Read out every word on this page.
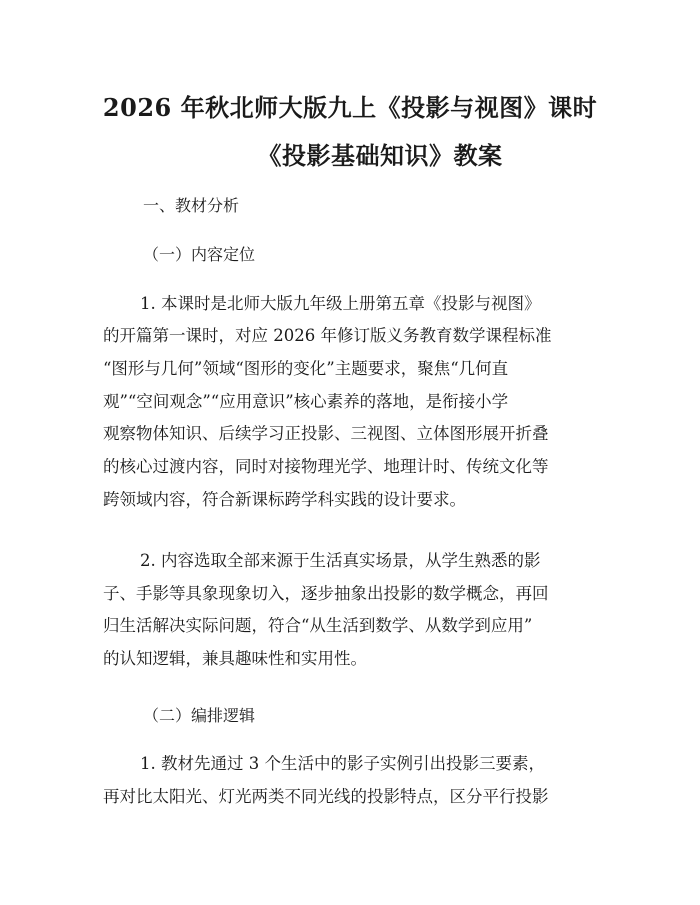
2026 年秋北师大版九上《投影与视图》课时
《投影基础知识》教案
一、教材分析
（一）内容定位
1. 本课时是北师大版九年级上册第五章《投影与视图》
的开篇第一课时，对应 2026 年修订版义务教育数学课程标准
“图形与几何”领域“图形的变化”主题要求，聚焦“几何直
观”“空间观念”“应用意识”核心素养的落地，是衔接小学
观察物体知识、后续学习正投影、三视图、立体图形展开折叠
的核心过渡内容，同时对接物理光学、地理计时、传统文化等
跨领域内容，符合新课标跨学科实践的设计要求。
2. 内容选取全部来源于生活真实场景，从学生熟悉的影
子、手影等具象现象切入，逐步抽象出投影的数学概念，再回
归生活解决实际问题，符合“从生活到数学、从数学到应用”
的认知逻辑，兼具趣味性和实用性。
（二）编排逻辑
1. 教材先通过 3 个生活中的影子实例引出投影三要素，
再对比太阳光、灯光两类不同光线的投影特点，区分平行投影
